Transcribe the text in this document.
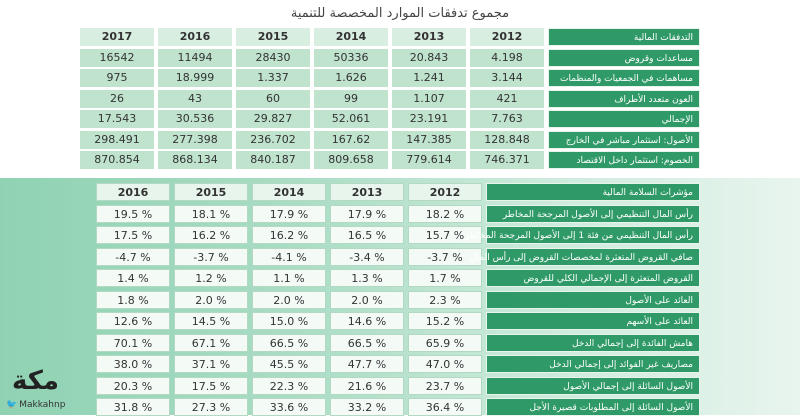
مجموع تدفقات الموارد المخصصة للتنمية
التدفقات المالية
2012
2013
2014
2015
2016
2017
مساعدات وقروض
4.198
20.843
50336
28430
11494
16542
مساهمات في الجمعيات والمنظمات
3.144
1.241
1.626
1.337
18.999
975
العون متعدد الأطراف
421
1.107
99
60
43
26
الإجمالي
7.763
23.191
52.061
29.827
30.536
17.543
الأصول: استثمار مباشر في الخارج
128.848
147.385
167.62
236.702
277.398
298.491
الخصوم: استثمار داخل الاقتصاد
746.371
779.614
809.658
840.187
868.134
870.854
مؤشرات السلامة المالية
2012
2013
2014
2015
2016
رأس المال التنظيمي إلى الأصول المرجحة المخاطر
18.2 %
17.9 %
17.9 %
18.1 %
19.5 %
رأس المال التنظيمي من فئة 1 إلى الأصول المرجحة المخاطر
15.7 %
16.5 %
16.2 %
16.2 %
17.5 %
صافي القروض المتعثرة لمخصصات القروض إلى رأس المال
-3.7 %
-3.4 %
-4.1 %
-3.7 %
-4.7 %
القروض المتعثرة إلى الإجمالي الكلي للقروض
1.7 %
1.3 %
1.1 %
1.2 %
1.4 %
العائد على الأصول
2.3 %
2.0 %
2.0 %
2.0 %
1.8 %
العائد على الأسهم
15.2 %
14.6 %
15.0 %
14.5 %
12.6 %
هامش الفائدة إلى إجمالي الدخل
65.9 %
66.5 %
66.5 %
67.1 %
70.1 %
مصاريف غير الفوائد إلى إجمالي الدخل
47.0 %
47.7 %
45.5 %
37.1 %
38.0 %
الأصول السائلة إلى إجمالي الأصول
23.7 %
21.6 %
22.3 %
17.5 %
20.3 %
الأصول السائلة إلى المطلوبات قصيرة الأجل
36.4 %
33.2 %
33.6 %
27.3 %
31.8 %
مكة
🐦 Makkahnp
